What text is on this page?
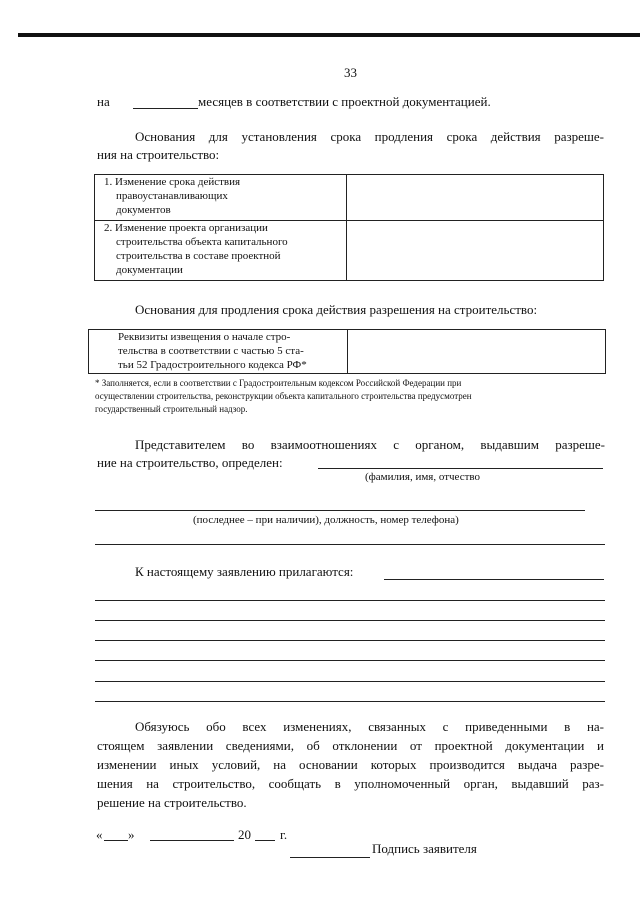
33
на	месяцев в соответствии с проектной документацией.
Основания для установления срока продления срока действия разреше-
ния на строительство:
1. Изменение срока действия
правоустанавливающих
документов	

2. Изменение проекта организации
строительства объекта капитального
строительства в составе проектной
документации	

Основания для продления срока действия разрешения на строительство:
Реквизиты извещения о начале стро-
тельства в соответствии с частью 5 ста-
тьи 52 Градостроительного кодекса РФ*

* Заполняется, если в соответствии с Градостроительным кодексом Российской Федерации при
осуществлении строительства, реконструкции объекта капитального строительства предусмотрен
государственный строительный надзор.
Представителем во взаимоотношениях с органом, выдавшим разреше-
ние на строительство, определен:
(фамилия, имя, отчество
(последнее – при наличии), должность, номер телефона)
К настоящему заявлению прилагаются:
Обязуюсь обо всех изменениях, связанных с приведенными в на-
стоящем заявлении сведениями, об отклонении от проектной документации и
изменении иных условий, на основании которых производится выдача разре-
шения на строительство, сообщать в уполномоченный орган, выдавший раз-
решение на строительство.
« »	20 г.
Подпись заявителя
